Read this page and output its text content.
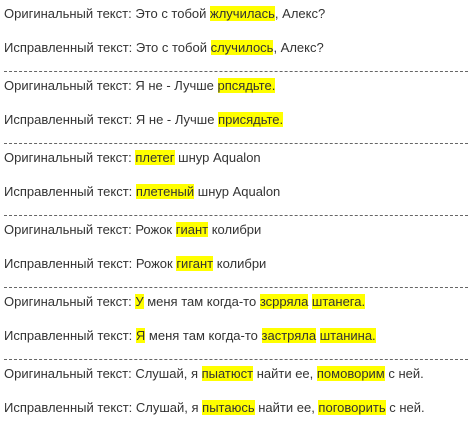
Оригинальный текст: Это с тобой жлучилась, Алекс?
Исправленный текст: Это с тобой случилось, Алекс?
Оригинальный текст: Я не - Лучше рпсядьте.
Исправленный текст: Я не - Лучше присядьте.
Оригинальный текст: плетег шнур Aqualon
Исправленный текст: плетеный шнур Aqualon
Оригинальный текст: Рожок гиант колибри
Исправленный текст: Рожок гигант колибри
Оригинальный текст: У меня там когда-то зсрряла штанега.
Исправленный текст: Я меня там когда-то застряла штанина.
Оригинальный текст: Слушай, я пыатюст найти ее, помоворим с ней.
Исправленный текст: Слушай, я пытаюсь найти ее, поговорить с ней.
